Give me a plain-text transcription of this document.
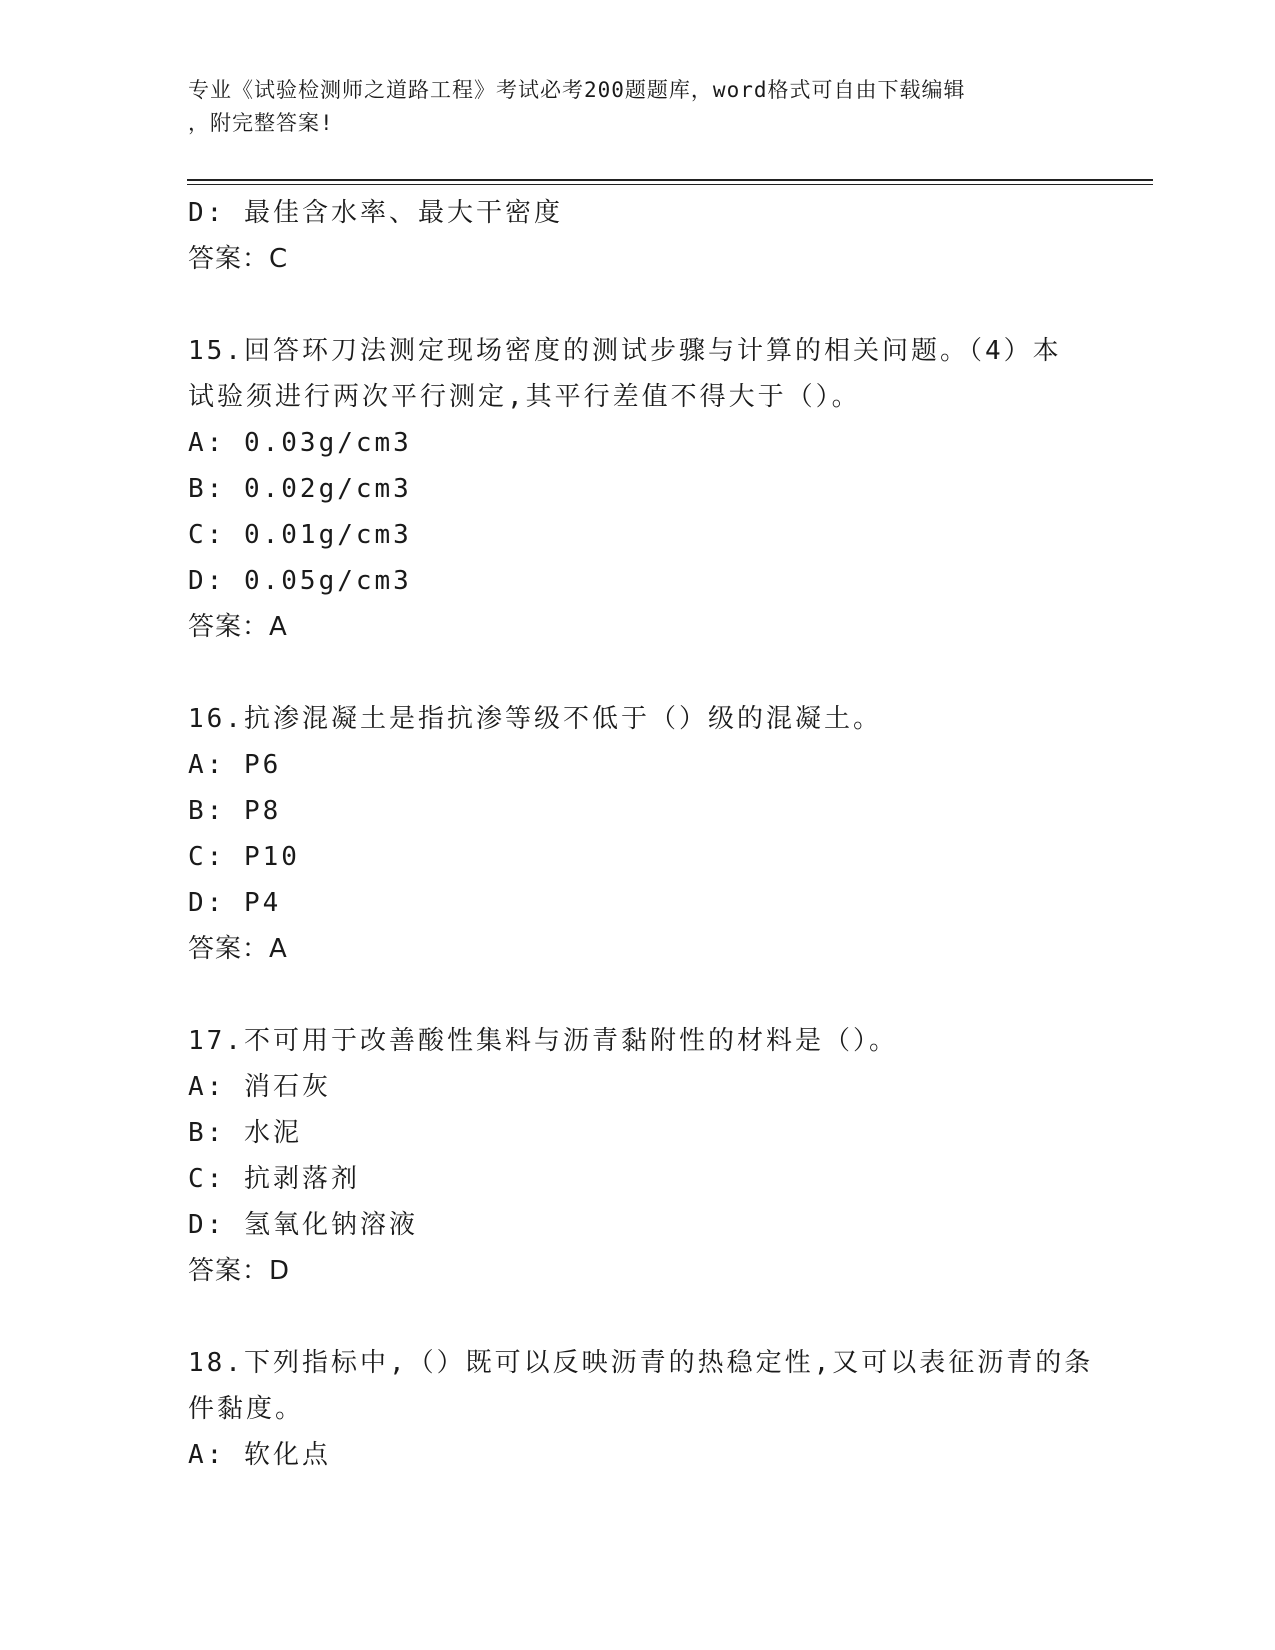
专业《试验检测师之道路工程》考试必考200题题库，word格式可自由下载编辑
，附完整答案!
D: 最佳含水率、最大干密度
答案：C
15.回答环刀法测定现场密度的测试步骤与计算的相关问题。（4）本
试验须进行两次平行测定,其平行差值不得大于（）。
A: 0.03g/cm3
B: 0.02g/cm3
C: 0.01g/cm3
D: 0.05g/cm3
答案：A
16.抗渗混凝土是指抗渗等级不低于（）级的混凝土。
A: P6
B: P8
C: P10
D: P4
答案：A
17.不可用于改善酸性集料与沥青黏附性的材料是（）。
A: 消石灰
B: 水泥
C: 抗剥落剂
D: 氢氧化钠溶液
答案：D
18.下列指标中,（）既可以反映沥青的热稳定性,又可以表征沥青的条
件黏度。
A: 软化点
